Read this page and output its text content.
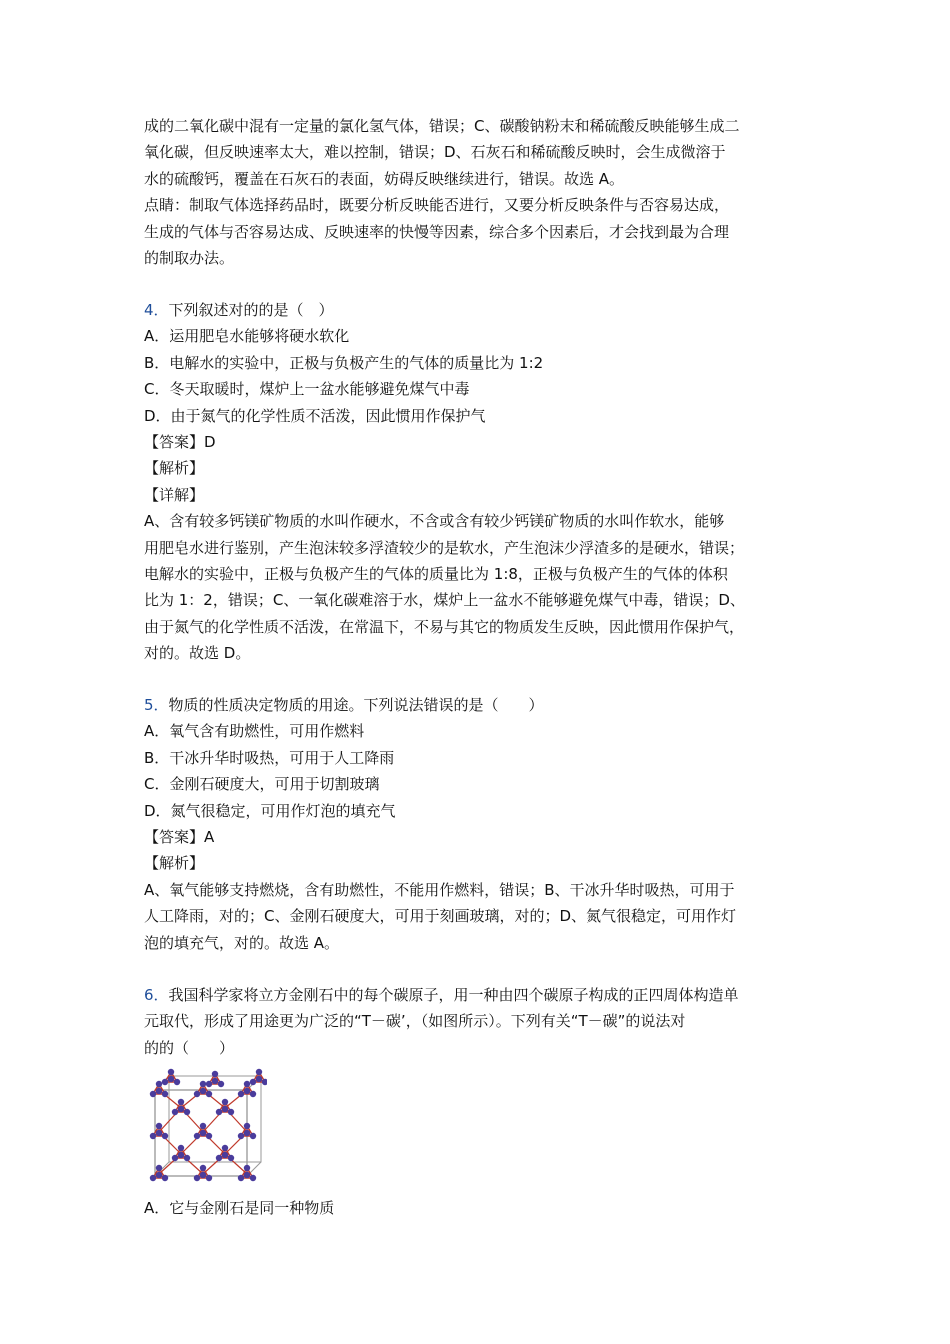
成的二氧化碳中混有一定量的氯化氢气体，错误；C、碳酸钠粉末和稀硫酸反映能够生成二
氧化碳，但反映速率太大，难以控制，错误；D、石灰石和稀硫酸反映时，会生成微溶于
水的硫酸钙，覆盖在石灰石的表面，妨碍反映继续进行，错误。故选 A。
点睛：制取气体选择药品时，既要分析反映能否进行，又要分析反映条件与否容易达成，
生成的气体与否容易达成、反映速率的快慢等因素，综合多个因素后，才会找到最为合理
的制取办法。
4．下列叙述对的的是（　）
A．运用肥皂水能够将硬水软化
B．电解水的实验中，正极与负极产生的气体的质量比为 1:2
C．冬天取暖时，煤炉上一盆水能够避免煤气中毒
D．由于氮气的化学性质不活泼，因此惯用作保护气
【答案】D
【解析】
【详解】
A、含有较多钙镁矿物质的水叫作硬水，不含或含有较少钙镁矿物质的水叫作软水，能够
用肥皂水进行鉴别，产生泡沫较多浮渣较少的是软水，产生泡沫少浮渣多的是硬水，错误；
电解水的实验中，正极与负极产生的气体的质量比为 1:8，正极与负极产生的气体的体积
比为 1：2，错误；C、一氧化碳难溶于水，煤炉上一盆水不能够避免煤气中毒，错误；D、
由于氮气的化学性质不活泼，在常温下，不易与其它的物质发生反映，因此惯用作保护气，
对的。故选 D。
5．物质的性质决定物质的用途。下列说法错误的是（　　）
A．氧气含有助燃性，可用作燃料
B．干冰升华时吸热，可用于人工降雨
C．金刚石硬度大，可用于切割玻璃
D．氮气很稳定，可用作灯泡的填充气
【答案】A
【解析】
A、氧气能够支持燃烧，含有助燃性，不能用作燃料，错误；B、干冰升华时吸热，可用于
人工降雨，对的；C、金刚石硬度大，可用于刻画玻璃，对的；D、氮气很稳定，可用作灯
泡的填充气，对的。故选 A。
6．我国科学家将立方金刚石中的每个碳原子，用一种由四个碳原子构成的正四周体构造单
元取代，形成了用途更为广泛的“T－碳’，（如图所示）。下列有关“T－碳”的说法对
的的（　　）
A．它与金刚石是同一种物质
